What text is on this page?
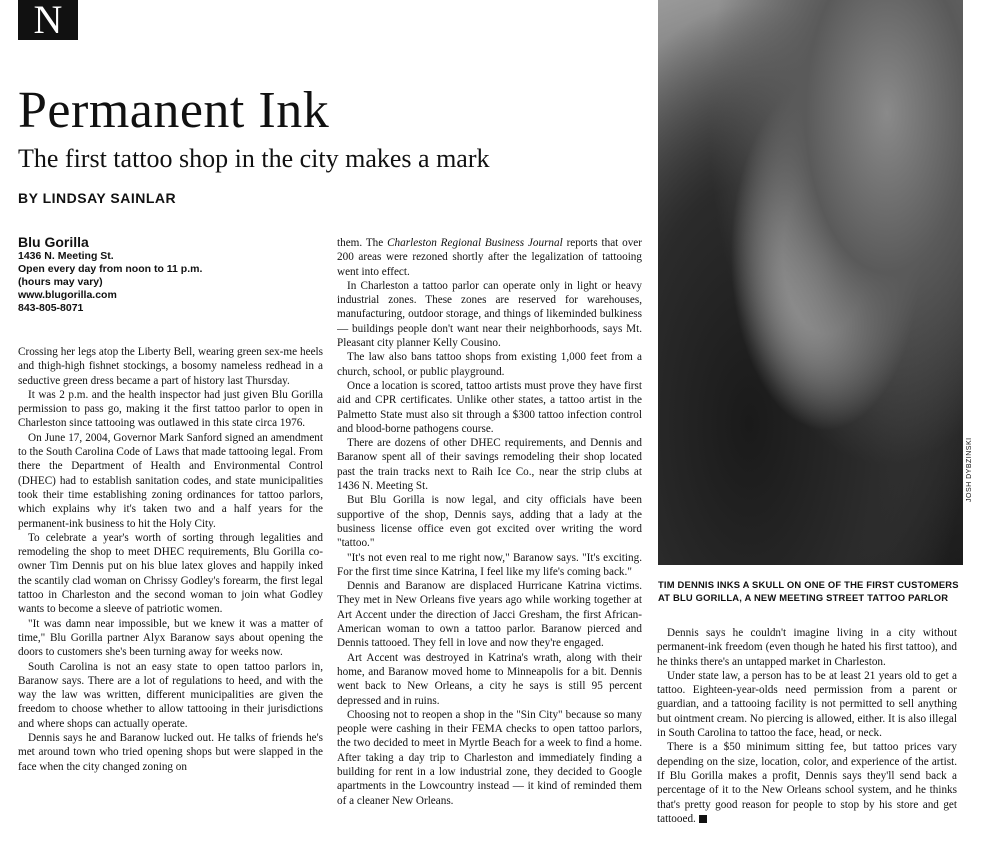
N
Permanent Ink
The first tattoo shop in the city makes a mark
BY LINDSAY SAINLAR
Blu Gorilla
1436 N. Meeting St.
Open every day from noon to 11 p.m.
(hours may vary)
www.blugorilla.com
843-805-8071

Crossing her legs atop the Liberty Bell, wearing green sex-me heels and thigh-high fishnet stockings, a bosomy nameless redhead in a seductive green dress became a part of history last Thursday.

It was 2 p.m. and the health inspector had just given Blu Gorilla permission to pass go, making it the first tattoo parlor to open in Charleston since tattooing was outlawed in this state circa 1976.

On June 17, 2004, Governor Mark Sanford signed an amendment to the South Carolina Code of Laws that made tattooing legal. From there the Department of Health and Environmental Control (DHEC) had to establish sanitation codes, and state municipalities took their time establishing zoning ordinances for tattoo parlors, which explains why it's taken two and a half years for the permanent-ink business to hit the Holy City.

To celebrate a year's worth of sorting through legalities and remodeling the shop to meet DHEC requirements, Blu Gorilla co-owner Tim Dennis put on his blue latex gloves and happily inked the scantily clad woman on Chrissy Godley's forearm, the first legal tattoo in Charleston and the second woman to join what Godley wants to become a sleeve of patriotic women.

"It was damn near impossible, but we knew it was a matter of time," Blu Gorilla partner Alyx Baranow says about opening the doors to customers she's been turning away for weeks now.

South Carolina is not an easy state to open tattoo parlors in, Baranow says. There are a lot of regulations to heed, and with the way the law was written, different municipalities are given the freedom to choose whether to allow tattooing in their jurisdictions and where shops can actually operate.

Dennis says he and Baranow lucked out. He talks of friends he's met around town who tried opening shops but were slapped in the face when the city changed zoning on

them. The Charleston Regional Business Journal reports that over 200 areas were rezoned shortly after the legalization of tattooing went into effect.

In Charleston a tattoo parlor can operate only in light or heavy industrial zones. These zones are reserved for warehouses, manufacturing, outdoor storage, and things of likeminded bulkiness — buildings people don't want near their neighborhoods, says Mt. Pleasant city planner Kelly Cousino.

The law also bans tattoo shops from existing 1,000 feet from a church, school, or public playground.

Once a location is scored, tattoo artists must prove they have first aid and CPR certificates. Unlike other states, a tattoo artist in the Palmetto State must also sit through a $300 tattoo infection control and blood-borne pathogens course.

There are dozens of other DHEC requirements, and Dennis and Baranow spent all of their savings remodeling their shop located past the train tracks next to Raih Ice Co., near the strip clubs at 1436 N. Meeting St.

But Blu Gorilla is now legal, and city officials have been supportive of the shop, Dennis says, adding that a lady at the business license office even got excited over writing the word "tattoo."

"It's not even real to me right now," Baranow says. "It's exciting. For the first time since Katrina, I feel like my life's coming back."

Dennis and Baranow are displaced Hurricane Katrina victims. They met in New Orleans five years ago while working together at Art Accent under the direction of Jacci Gresham, the first African-American woman to own a tattoo parlor. Baranow pierced and Dennis tattooed. They fell in love and now they're engaged.

Art Accent was destroyed in Katrina's wrath, along with their home, and Baranow moved home to Minneapolis for a bit. Dennis went back to New Orleans, a city he says is still 95 percent depressed and in ruins.

Choosing not to reopen a shop in the "Sin City" because so many people were cashing in their FEMA checks to open tattoo parlors, the two decided to meet in Myrtle Beach for a week to find a home. After taking a day trip to Charleston and immediately finding a building for rent in a low industrial zone, they decided to Google apartments in the Lowcountry instead — it kind of reminded them of a cleaner New Orleans.

JOSH DYBZINSKI
TIM DENNIS INKS A SKULL ON ONE OF THE FIRST CUSTOMERS AT BLU GORILLA, A NEW MEETING STREET TATTOO PARLOR

Dennis says he couldn't imagine living in a city without permanent-ink freedom (even though he hated his first tattoo), and he thinks there's an untapped market in Charleston.

Under state law, a person has to be at least 21 years old to get a tattoo. Eighteen-year-olds need permission from a parent or guardian, and a tattooing facility is not permitted to sell anything but ointment cream. No piercing is allowed, either. It is also illegal in South Carolina to tattoo the face, head, or neck.

There is a $50 minimum sitting fee, but tattoo prices vary depending on the size, location, color, and experience of the artist. If Blu Gorilla makes a profit, Dennis says they'll send back a percentage of it to the New Orleans school system, and he thinks that's pretty good reason for people to stop by his store and get tattooed.
